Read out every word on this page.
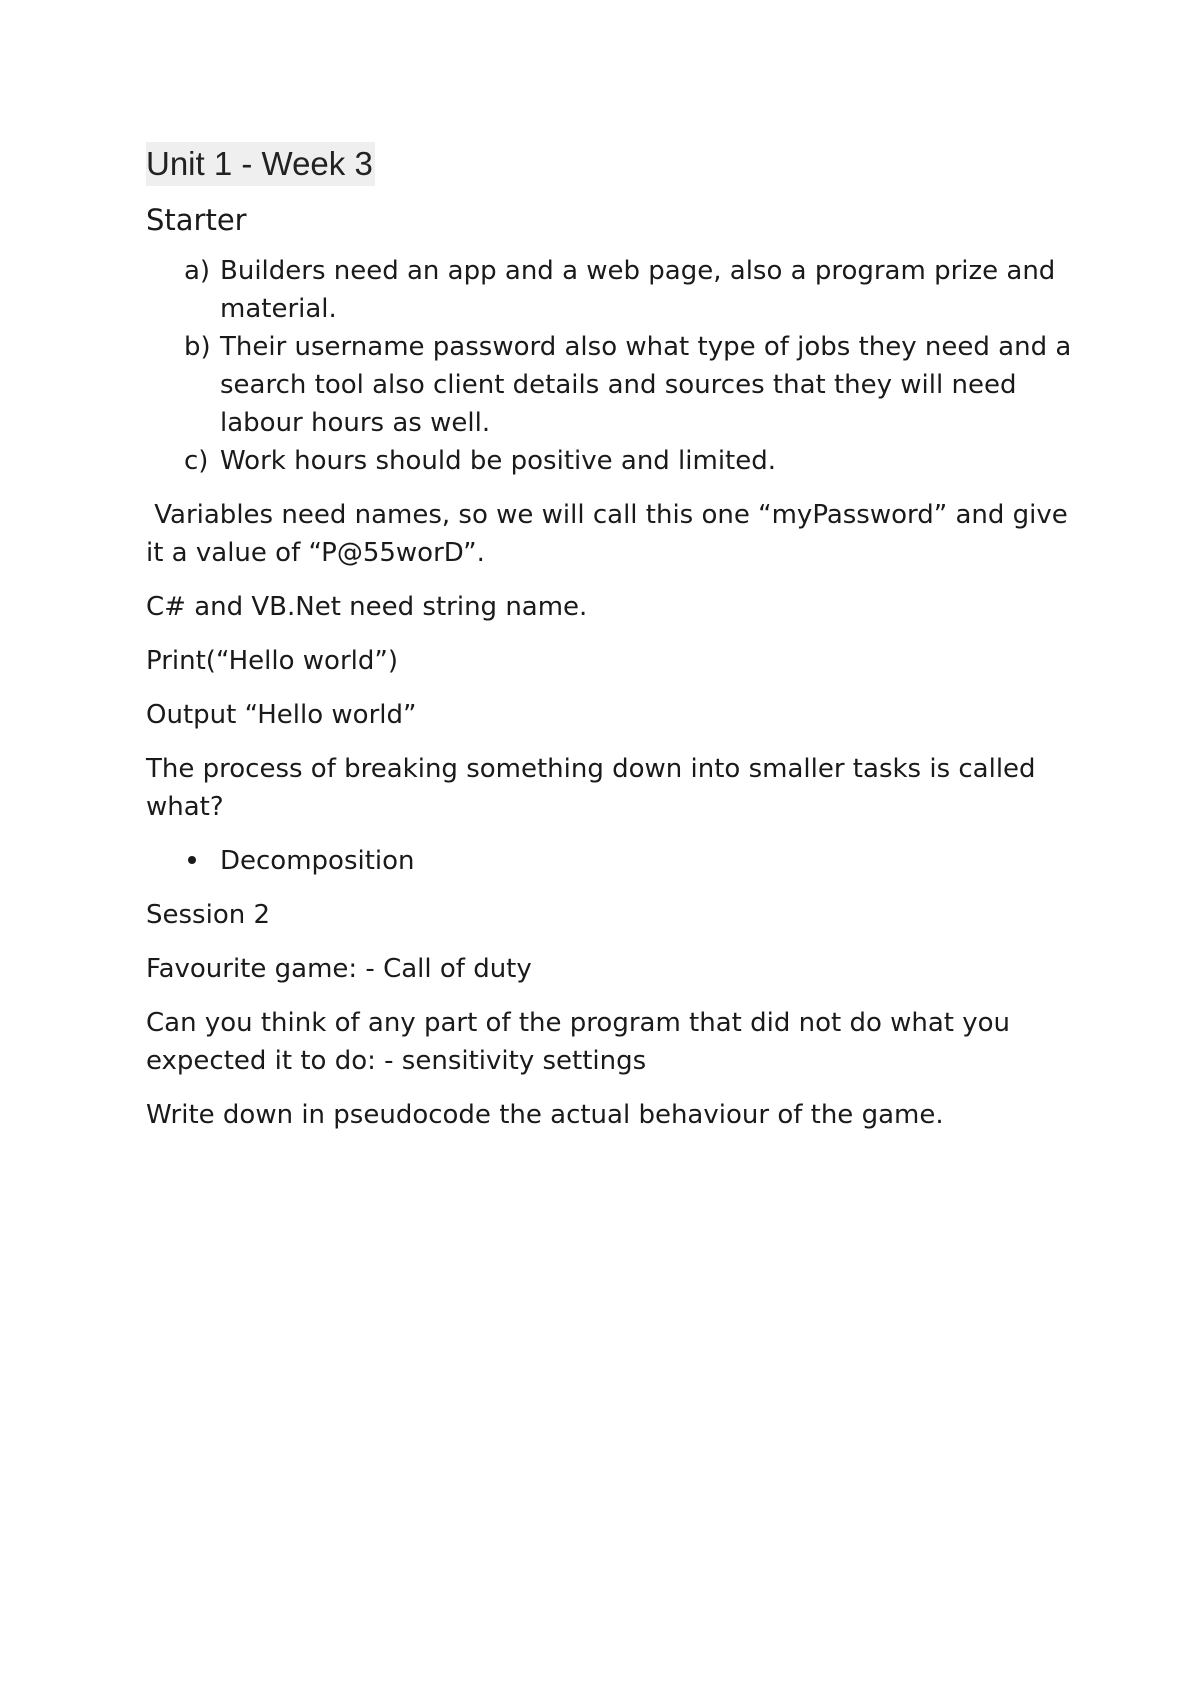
Unit 1 - Week 3
Starter
a) Builders need an app and a web page, also a program prize and material.
b) Their username password also what type of jobs they need and a search tool also client details and sources that they will need labour hours as well.
c) Work hours should be positive and limited.

Variables need names, so we will call this one “myPassword” and give it a value of “P@55worD”.

C# and VB.Net need string name.

Print(“Hello world”)

Output “Hello world”

The process of breaking something down into smaller tasks is called what?

Decomposition

Session 2

Favourite game: - Call of duty

Can you think of any part of the program that did not do what you expected it to do: - sensitivity settings

Write down in pseudocode the actual behaviour of the game.
